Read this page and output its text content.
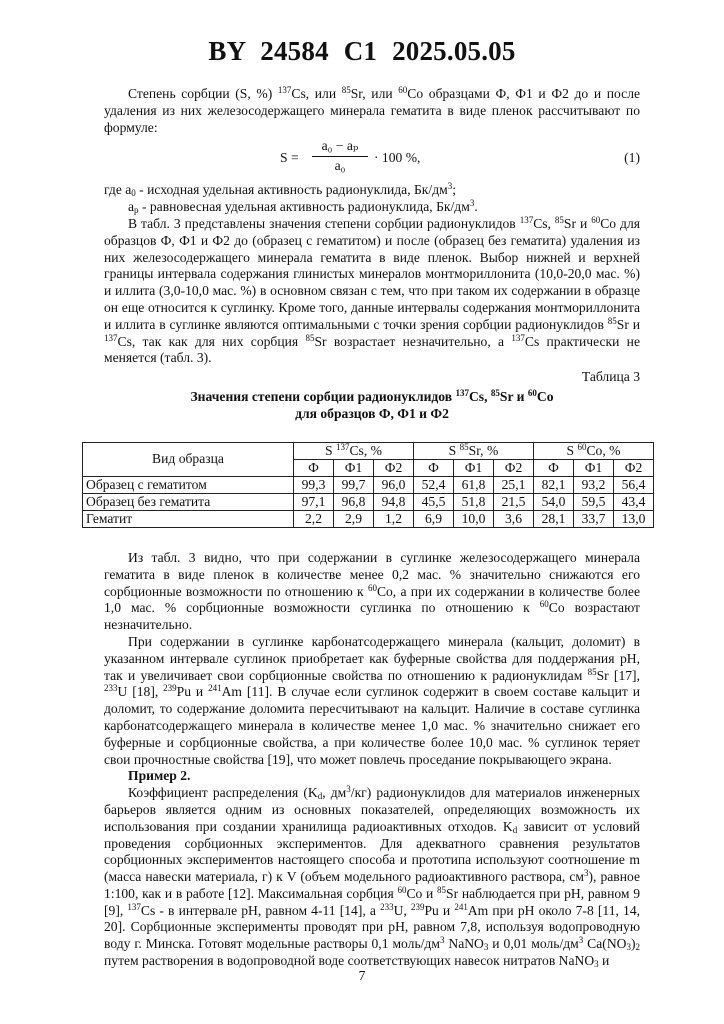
BY 24584 C1 2025.05.05

Степень сорбции (S, %) $^{137}$Cs, или $^{85}$Sr, или $^{60}$Co образцами Ф, Ф1 и Ф2 до и после удаления из них железосодержащего минерала гематита в виде пленок рассчитывают по формуле:

$S = \frac{\text{a₀ − aₚ}}{\text{a₀}} \cdot 100$ %,	(1)

где $a_0$ - исходная удельная активность радионуклида, $Бк/дм^3$;

$a_p$ - равновесная удельная активность радионуклида, $Бк/дм^3$.

В табл. 3 представлены значения степени сорбции радионуклидов $^{137}$Cs, $^{85}$Sr и $^{60}$Co для образцов Ф, Ф1 и Ф2 до (образец с гематитом) и после (образец без гематита) удаления из них железосодержащего минерала гематита в виде пленок. Выбор нижней и верхней границы интервала содержания глинистых минералов монтмориллонита (10,0-20,0 мас. %) и иллита (3,0-10,0 мас. %) в основном связан с тем, что при таком их содержании в образце он еще относится к суглинку. Кроме того, данные интервалы содержания монтмориллонита и иллита в суглинке являются оптимальными с точки зрения сорбции радионуклидов $^{85}$Sr и $^{137}$Cs, так как для них сорбция $^{85}$Sr возрастает незначительно, а $^{137}$Cs практически не меняется (табл. 3).

Таблица 3

Значения степени сорбции радионуклидов $^{137}$Cs, $^{85}$Sr и $^{60}$Co
для образцов Ф, Ф1 и Ф2

Вид образца	S $^{137}$Cs, %			S $^{85}$Sr, %			S $^{60}$Co, %		
	Ф	Ф1	Ф2	Ф	Ф1	Ф2	Ф	Ф1	Ф2
Образец с гематитом	99,3	99,7	96,0	52,4	61,8	25,1	82,1	93,2	56,4
Образец без гематита	97,1	96,8	94,8	45,5	51,8	21,5	54,0	59,5	43,4
Гематит	2,2	2,9	1,2	6,9	10,0	3,6	28,1	33,7	13,0

Из табл. 3 видно, что при содержании в суглинке железосодержащего минерала гематита в виде пленок в количестве менее 0,2 мас. % значительно снижаются его сорбционные возможности по отношению к $^{60}$Co, а при их содержании в количестве более 1,0 мас. % сорбционные возможности суглинка по отношению к $^{60}$Co возрастают незначительно.

При содержании в суглинке карбонатсодержащего минерала (кальцит, доломит) в указанном интервале суглинок приобретает как буферные свойства для поддержания pH, так и увеличивает свои сорбционные свойства по отношению к радионуклидам $^{85}$Sr [17], $^{233}$U [18], $^{239}$Pu и $^{241}$Am [11]. В случае если суглинок содержит в своем составе кальцит и доломит, то содержание доломита пересчитывают на кальцит. Наличие в составе суглинка карбонатсодержащего минерала в количестве менее 1,0 мас. % значительно снижает его буферные и сорбционные свойства, а при количестве более 10,0 мас. % суглинок теряет свои прочностные свойства [19], что может повлечь проседание покрывающего экрана.

Пример 2.

Коэффициент распределения ($K_d$, $дм^3/кг$) радионуклидов для материалов инженерных барьеров является одним из основных показателей, определяющих возможность их использования при создании хранилища радиоактивных отходов. $K_d$ зависит от условий проведения сорбционных экспериментов. Для адекватного сравнения результатов сорбционных экспериментов настоящего способа и прототипа используют соотношение m (масса навески материала, г) к V (объем модельного радиоактивного раствора, $см^3$), равное 1:100, как и в работе [12]. Максимальная сорбция $^{60}$Co и $^{85}$Sr наблюдается при pH, равном 9 [9], $^{137}$Cs - в интервале pH, равном 4-11 [14], а $^{233}$U, $^{239}$Pu и $^{241}$Am при pH около 7-8 [11, 14, 20]. Сорбционные эксперименты проводят при pH, равном 7,8, используя водопроводную воду г. Минска. Готовят модельные растворы 0,1 моль/$дм^3$ NaNO$_3$ и 0,01 моль/$дм^3$ $Ca(NO_3)_2$ путем растворения в водопроводной воде соответствующих навесок нитратов NaNO$_3$ и

7
